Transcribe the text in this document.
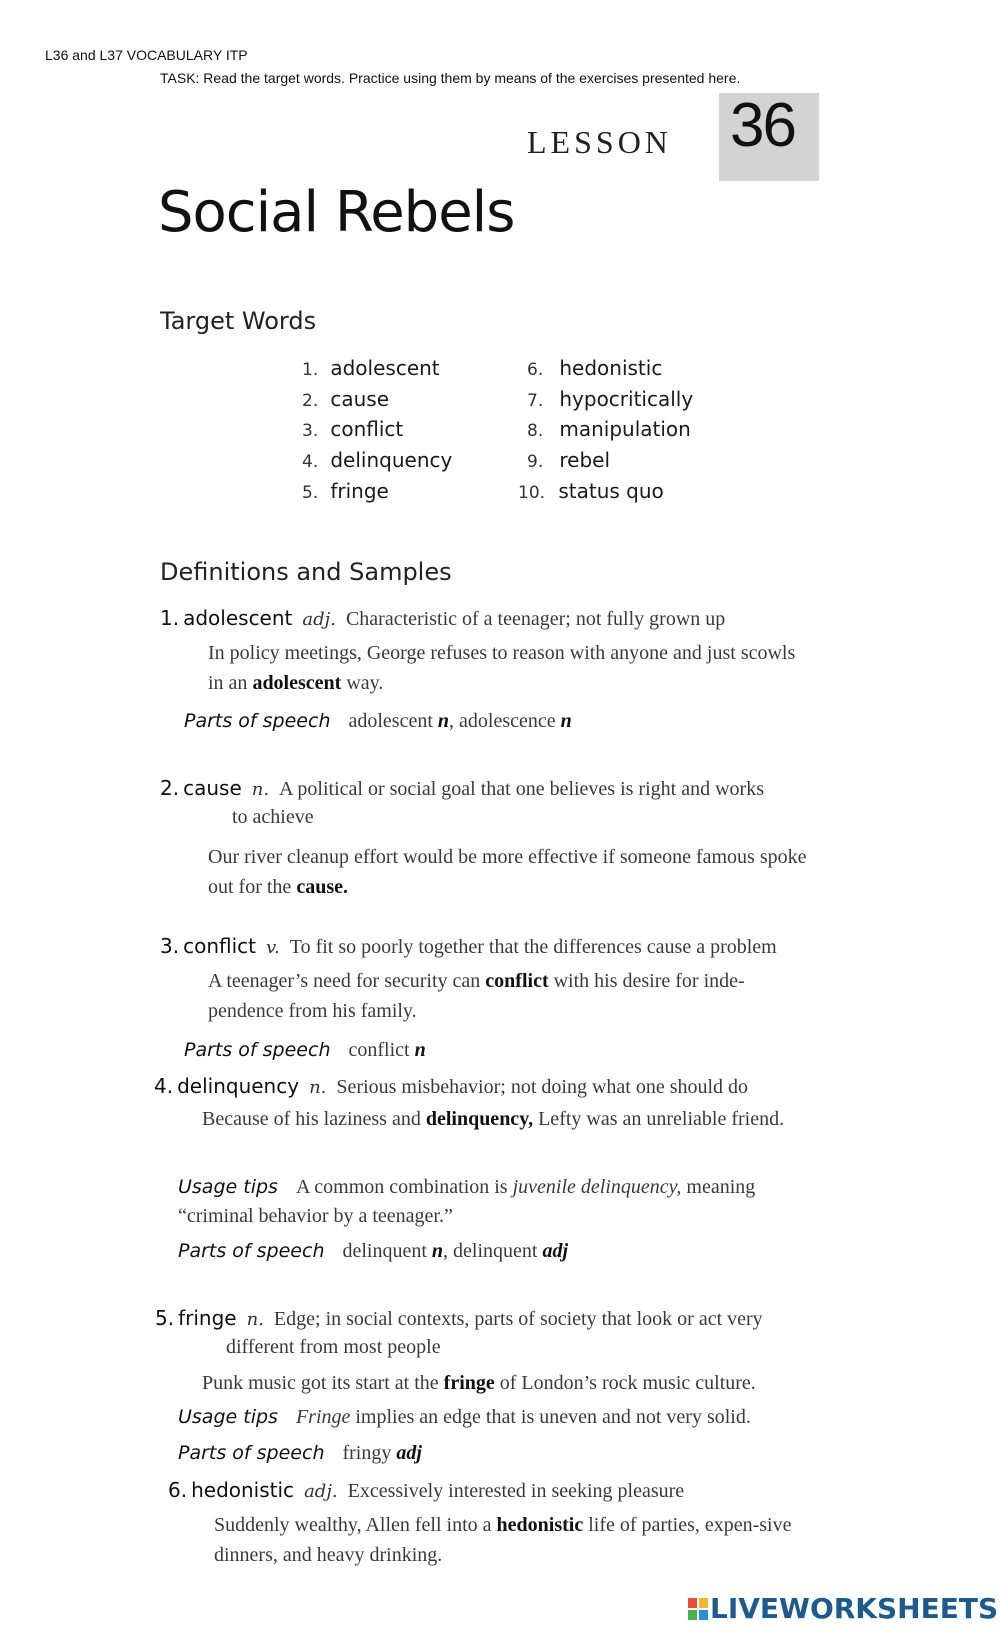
L36 and L37 VOCABULARY ITP
TASK: Read the target words. Practice using them by means of the exercises presented here.
LESSON 36
Social Rebels
Target Words
1. adolescent
2. cause
3. conflict
4. delinquency
5. fringe
6. hedonistic
7. hypocritically
8. manipulation
9. rebel
10. status quo
Definitions and Samples
1. adolescent adj. Characteristic of a teenager; not fully grown up
In policy meetings, George refuses to reason with anyone and just scowls in an adolescent way.
Parts of speech adolescent n, adolescence n
2. cause n. A political or social goal that one believes is right and works
to achieve
Our river cleanup effort would be more effective if someone famous spoke out for the cause.
3. conflict v. To fit so poorly together that the differences cause a problem
A teenager’s need for security can conflict with his desire for inde-pendence from his family.
Parts of speech conflict n
4. delinquency n. Serious misbehavior; not doing what one should do
Because of his laziness and delinquency, Lefty was an unreliable friend.
Usage tips A common combination is juvenile delinquency, meaning
“criminal behavior by a teenager.”
Parts of speech delinquent n, delinquent adj
5. fringe n. Edge; in social contexts, parts of society that look or act very
different from most people
Punk music got its start at the fringe of London’s rock music culture.
Usage tips Fringe implies an edge that is uneven and not very solid.
Parts of speech fringy adj
6. hedonistic adj. Excessively interested in seeking pleasure
Suddenly wealthy, Allen fell into a hedonistic life of parties, expen-sive dinners, and heavy drinking.
LIVEWORKSHEETS
